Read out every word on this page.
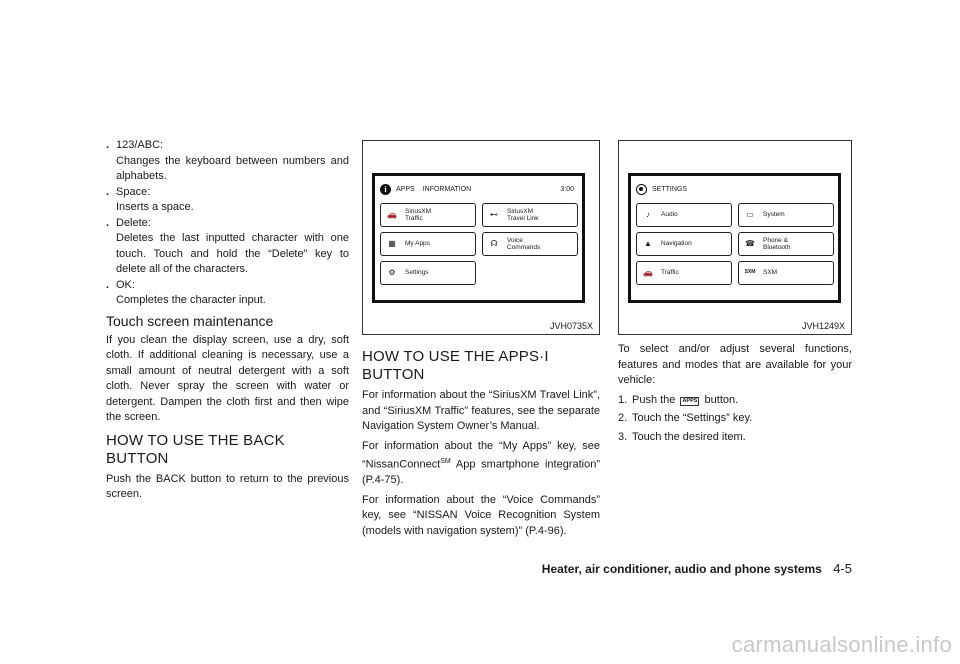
. 123/ABC:
Changes the keyboard between numbers and alphabets.
. Space:
Inserts a space.
. Delete:
Deletes the last inputted character with one touch. Touch and hold the “Delete” key to delete all of the characters.
. OK:
Completes the character input.
Touch screen maintenance

If you clean the display screen, use a dry, soft cloth. If additional cleaning is necessary, use a small amount of neutral detergent with a soft cloth. Never spray the screen with water or detergent. Dampen the cloth first and then wipe the screen.

HOW TO USE THE BACK BUTTON

Push the BACK button to return to the previous screen.

i	APPS INFORMATION	3:00
🚗	SiriusXM
Traffic	⊷	SiriusXM
Travel Link
▦	My Apps	☊	Voice
Commands
⚙	Settings
JVH0735X
SETTINGS
♪	Audio	▭	System
▲	Navigation	☎	Phone &
Bluetooth
🚗	Traffic	SXM SXM
JVH1249X
HOW TO USE THE APPS·I BUTTON

For information about the “SiriusXM Travel Link”, and “SiriusXM Traffic” features, see the separate Navigation System Owner’s Manual.

For information about the “My Apps” key, see “NissanConnect℠ App smartphone integration” (P.4-75).

For information about the “Voice Commands” key, see “NISSAN Voice Recognition System (models with navigation system)” (P.4-96).

To select and/or adjust several functions, features and modes that are available for your vehicle:

1. Push the APPS button.
2. Touch the “Settings” key.
3. Touch the desired item.
Heater, air conditioner, audio and phone systems 4-5
carmanualsonline.info
